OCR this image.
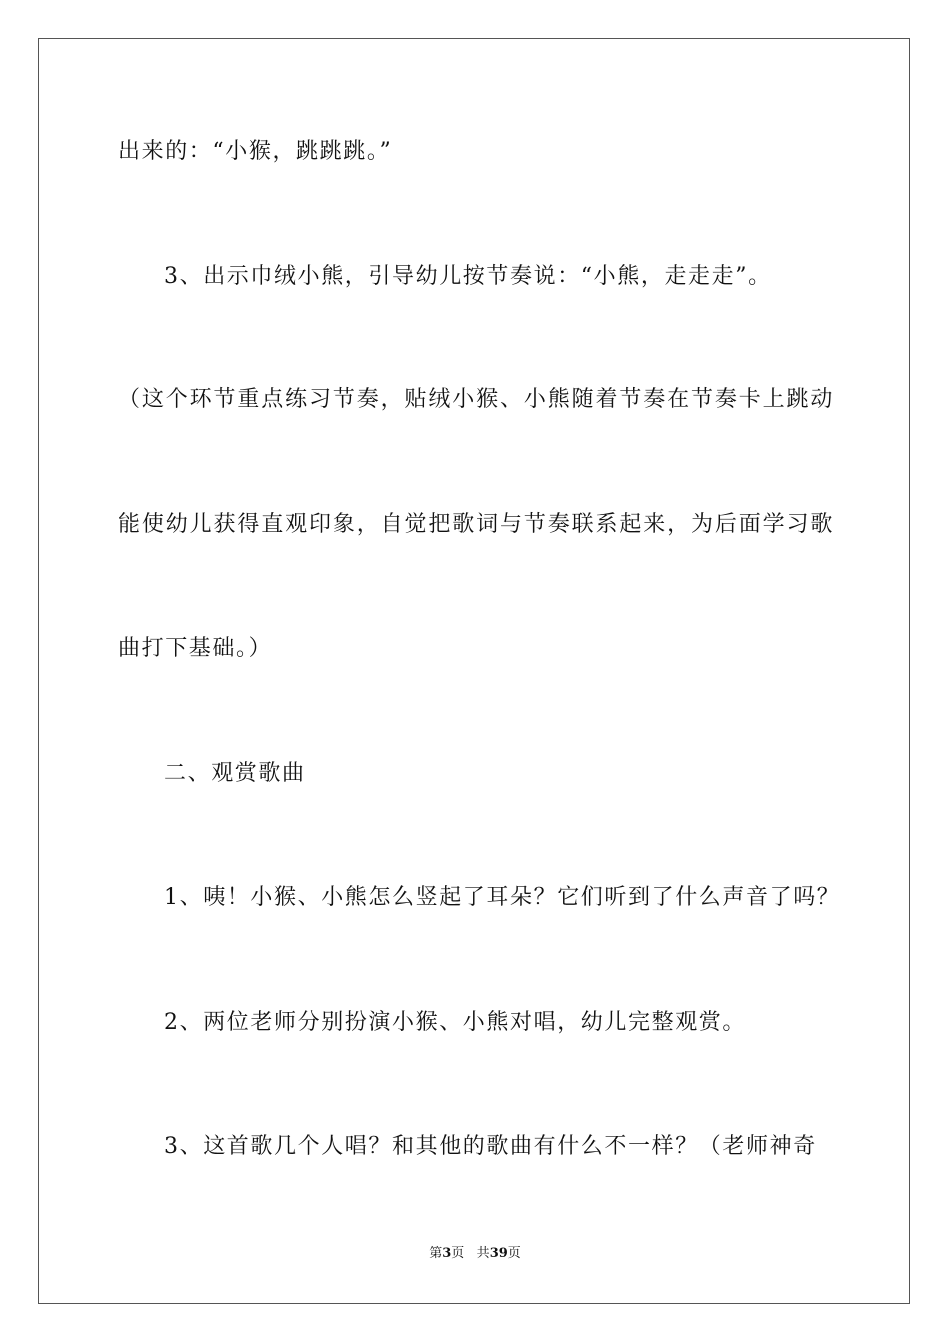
出来的：“小猴，跳跳跳。”
3、出示巾绒小熊，引导幼儿按节奏说：“小熊，走走走”。
（这个环节重点练习节奏，贴绒小猴、小熊随着节奏在节奏卡上跳动
能使幼儿获得直观印象，自觉把歌词与节奏联系起来，为后面学习歌
曲打下基础。）
二、观赏歌曲
1、咦！小猴、小熊怎么竖起了耳朵？它们听到了什么声音了吗？
2、两位老师分别扮演小猴、小熊对唱，幼儿完整观赏。
3、这首歌几个人唱？和其他的歌曲有什么不一样？（老师神奇
第3页 共39页
